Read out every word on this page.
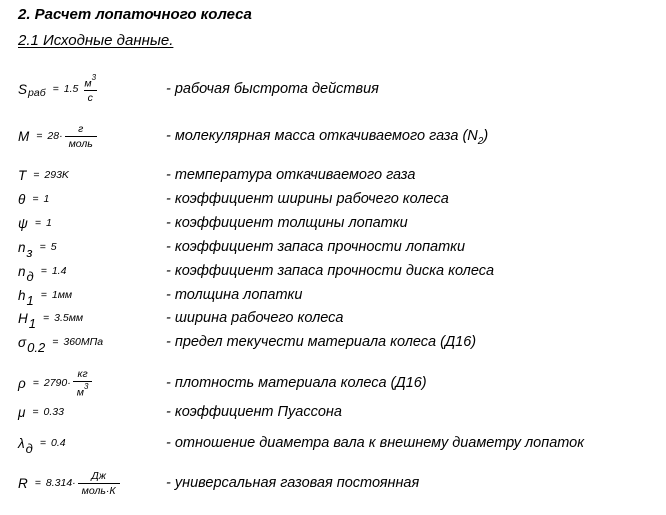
2. Расчет лопаточного колеса
2.1 Исходные данные.
S раб = $1.5 \frac{м^3}{с}$	- рабочая быстрота действия
$M = 28 \cdot \frac{г}{\text{моль}}$	- молекулярная масса откачиваемого газа $(N_2)$
T = 293K	- температура откачиваемого газа
θ = 1	- коэффициент ширины рабочего колеса
ψ = 1	- коэффициент толщины лопатки
n з = 5	- коэффициент запаса прочности лопатки
n д = 1.4	- коэффициент запаса прочности диска колеса
h 1 = 1мм	- толщина лопатки
H 1 = 3.5мм	- ширина рабочего колеса
σ 0.2 = 360МПа	- предел текучести материала колеса (Д16)
$\rho = 2790 \cdot \frac{кг}{м^3}$	- плотность материала колеса (Д16)
μ = 0.33	- коэффициент Пуассона
λ д = 0.4	- отношение диаметра вала к внешнему диаметру лопаток
$R = 8.314 \cdot \frac{Дж}{\text{моль·К}}$	- универсальная газовая постоянная
